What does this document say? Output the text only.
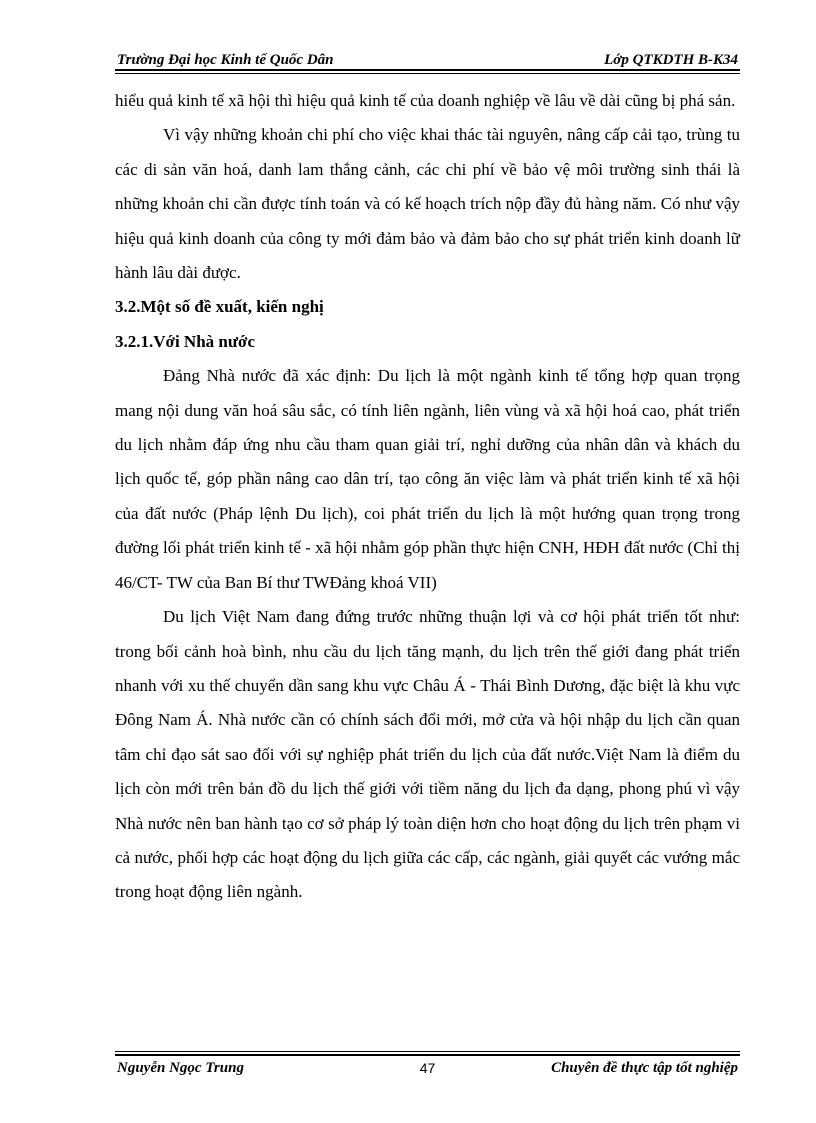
Trường Đại học Kinh tế Quốc Dân	Lớp QTKDTH B-K34

hiểu quả kinh tế xã hội thì hiệu quả kinh tế của doanh nghiệp về lâu về dài cũng bị phá sản.

Vì vậy những khoản chi phí cho việc khai thác tài nguyên, nâng cấp cải tạo, trùng tu các di sản văn hoá, danh lam thắng cảnh, các chi phí về bảo vệ môi trường sinh thái là những khoản chi cần được tính toán và có kế hoạch trích nộp đầy đủ hàng năm. Có như vậy hiệu quả kinh doanh của công ty mới đảm bảo và đảm bảo cho sự phát triển kinh doanh lữ hành lâu dài được.

3.2.Một số đề xuất, kiến nghị
3.2.1.Với Nhà nước

Đảng Nhà nước đã xác định: Du lịch là một ngành kinh tế tổng hợp quan trọng mang nội dung văn hoá sâu sắc, có tính liên ngành, liên vùng và xã hội hoá cao, phát triển du lịch nhằm đáp ứng nhu cầu tham quan giải trí, nghỉ dưỡng của nhân dân và khách du lịch quốc tế, góp phần nâng cao dân trí, tạo công ăn việc làm và phát triển kinh tế xã hội của đất nước (Pháp lệnh Du lịch), coi phát triển du lịch là một hướng quan trọng trong đường lối phát triển kinh tế - xã hội nhằm góp phần thực hiện CNH, HĐH đất nước (Chỉ thị 46/CT- TW của Ban Bí thư TWĐảng khoá VII)

Du lịch Việt Nam đang đứng trước những thuận lợi và cơ hội phát triển tốt như: trong bối cảnh hoà bình, nhu cầu du lịch tăng mạnh, du lịch trên thế giới đang phát triển nhanh với xu thế chuyển dần sang khu vực Châu Á - Thái Bình Dương, đặc biệt là khu vực Đông Nam Á. Nhà nước cần có chính sách đổi mới, mở cửa và hội nhập du lịch cần quan tâm chỉ đạo sát sao đối với sự nghiệp phát triển du lịch của đất nước.Việt Nam là điểm du lịch còn mới trên bản đồ du lịch thế giới với tiềm năng du lịch đa dạng, phong phú vì vậy Nhà nước nên ban hành tạo cơ sở pháp lý toàn diện hơn cho hoạt động du lịch trên phạm vi cả nước, phối hợp các hoạt động du lịch giữa các cấp, các ngành, giải quyết các vướng mắc trong hoạt động liên ngành.

Nguyễn Ngọc Trung	47	Chuyên đề thực tập tốt nghiệp
